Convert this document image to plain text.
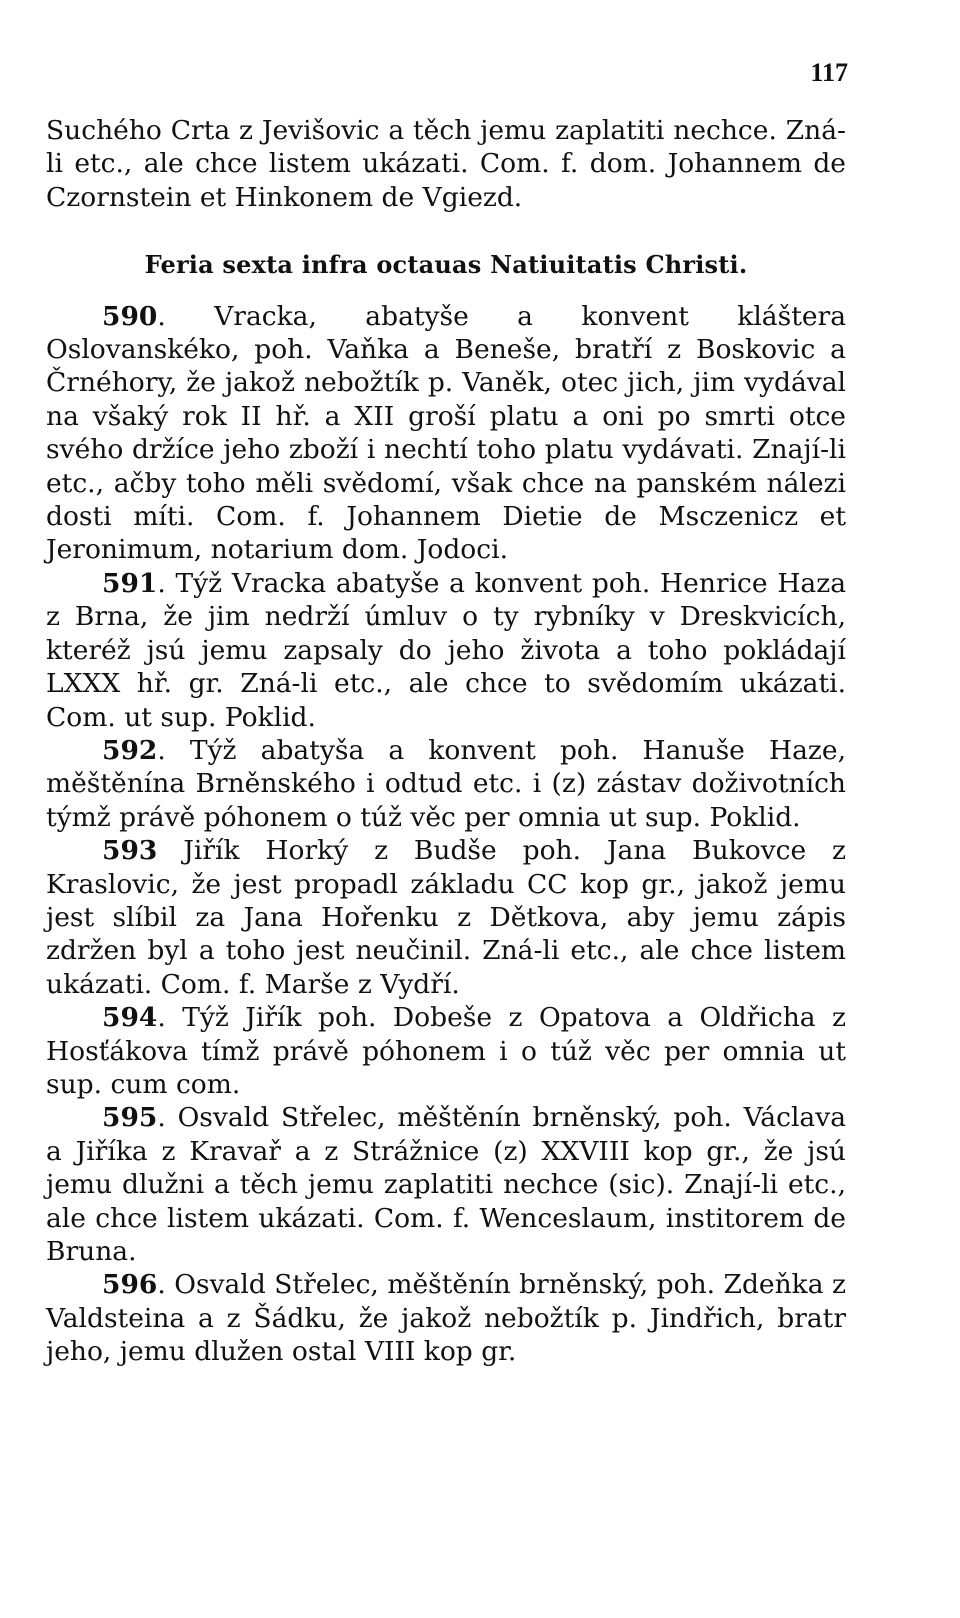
117

Suchého Crta z Jevišovic a těch jemu zaplatiti nechce. Zná-li etc., ale chce listem ukázati. Com. f. dom. Johannem de Czornstein et Hinkonem de Vgiezd.

Feria sexta infra octauas Natiuitatis Christi.

590. Vracka, abatyše a konvent kláštera Oslovanskéko, poh. Vaňka a Beneše, bratří z Boskovic a Črnéhory, že jakož nebožtík p. Vaněk, otec jich, jim vydával na všaký rok II hř. a XII groší platu a oni po smrti otce svého držíce jeho zboží i nechtí toho platu vydávati. Znají-li etc., ačby toho měli svědomí, však chce na panském nálezi dosti míti. Com. f. Johannem Dietie de Msczenicz et Jeronimum, notarium dom. Jodoci.

591. Týž Vracka abatyše a konvent poh. Henrice Haza z Brna, že jim nedrží úmluv o ty rybníky v Dreskvicích, kteréž jsú jemu zapsaly do jeho života a toho pokládají LXXX hř. gr. Zná-li etc., ale chce to svědomím ukázati. Com. ut sup. Poklid.

592. Týž abatyša a konvent poh. Hanuše Haze, měštěnína Brněnského i odtud etc. i (z) zástav doživotních týmž právě póhonem o túž věc per omnia ut sup. Poklid.

593 Jiřík Horký z Budše poh. Jana Bukovce z Kraslovic, že jest propadl základu CC kop gr., jakož jemu jest slíbil za Jana Hořenku z Dětkova, aby jemu zápis zdržen byl a toho jest neučinil. Zná-li etc., ale chce listem ukázati. Com. f. Marše z Vydří.

594. Týž Jiřík poh. Dobeše z Opatova a Oldřicha z Hosťákova tímž právě póhonem i o túž věc per omnia ut sup. cum com.

595. Osvald Střelec, měštěnín brněnský, poh. Václava a Jiříka z Kravař a z Strážnice (z) XXVIII kop gr., že jsú jemu dlužni a těch jemu zaplatiti nechce (sic). Znají-li etc., ale chce listem ukázati. Com. f. Wenceslaum, institorem de Bruna.

596. Osvald Střelec, měštěnín brněnský, poh. Zdeňka z Valdsteina a z Šádku, že jakož nebožtík p. Jindřich, bratr jeho, jemu dlužen ostal VIII kop gr.
